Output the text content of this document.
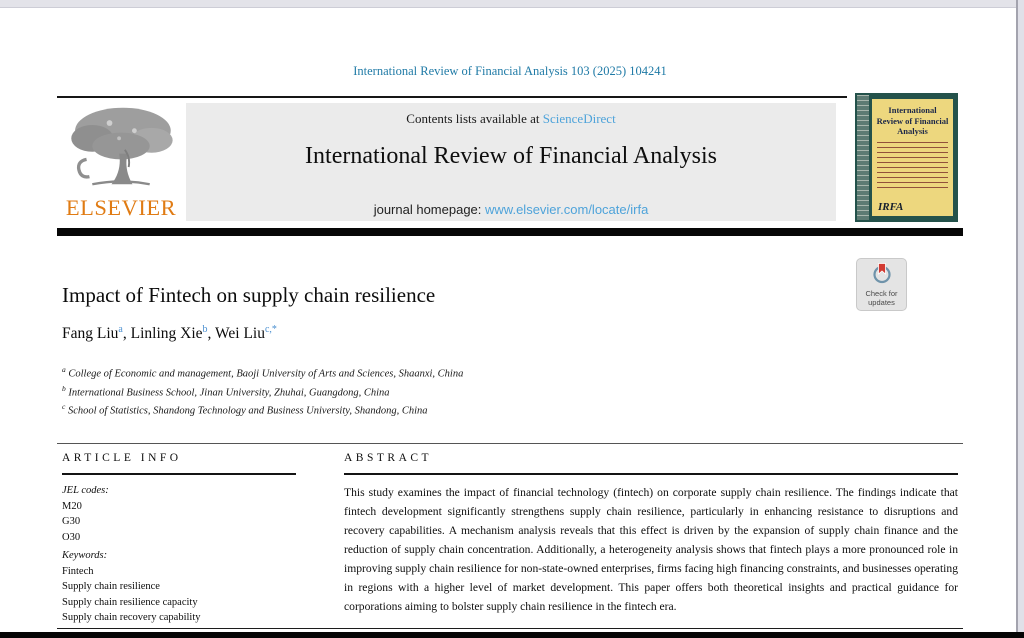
International Review of Financial Analysis 103 (2025) 104241
ELSEVIER
Contents lists available at ScienceDirect
International Review of Financial Analysis
journal homepage: www.elsevier.com/locate/irfa
International Review of Financial Analysis
IRFA
Check for
updates
Impact of Fintech on supply chain resilience
Fang Liu$^a$, Linling Xie$^b$, Wei Liu$^{c,*}$
$^a$ College of Economic and management, Baoji University of Arts and Sciences, Shaanxi, China
$^b$ International Business School, Jinan University, Zhuhai, Guangdong, China
$^c$ School of Statistics, Shandong Technology and Business University, Shandong, China
ARTICLE INFO
JEL codes:
M20
G30
O30
Keywords:
Fintech
Supply chain resilience
Supply chain resilience capacity
Supply chain recovery capability
ABSTRACT
This study examines the impact of financial technology (fintech) on corporate supply chain resilience. The findings indicate that fintech development significantly strengthens supply chain resilience, particularly in enhancing resistance to disruptions and recovery capabilities. A mechanism analysis reveals that this effect is driven by the expansion of supply chain finance and the reduction of supply chain concentration. Additionally, a heterogeneity analysis shows that fintech plays a more pronounced role in improving supply chain resilience for non-state-owned enterprises, firms facing high financing constraints, and businesses operating in regions with a higher level of market development. This paper offers both theoretical insights and practical guidance for corporations aiming to bolster supply chain resilience in the fintech era.
